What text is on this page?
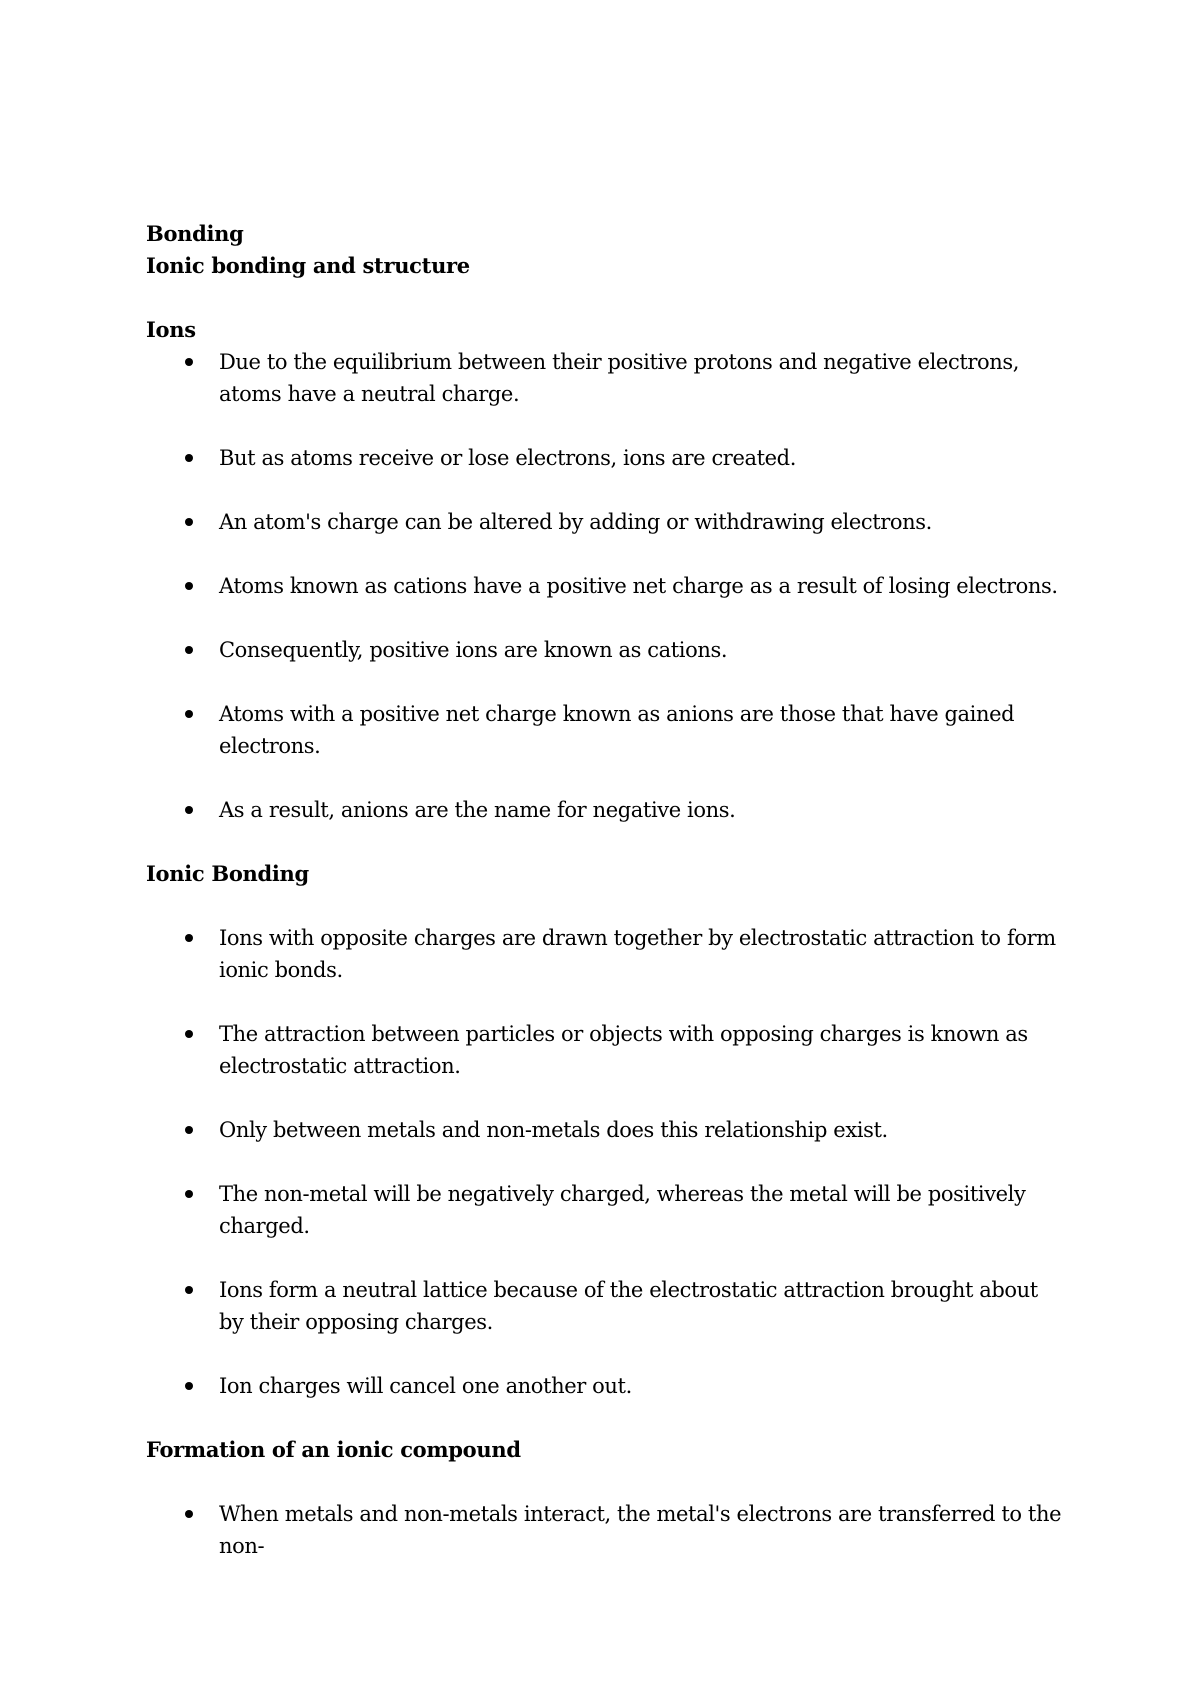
Bonding

Ionic bonding and structure

Ions

Due to the equilibrium between their positive protons and negative electrons, atoms have a neutral charge.
But as atoms receive or lose electrons, ions are created.
An atom's charge can be altered by adding or withdrawing electrons.
Atoms known as cations have a positive net charge as a result of losing electrons.
Consequently, positive ions are known as cations.
Atoms with a positive net charge known as anions are those that have gained electrons.
As a result, anions are the name for negative ions.

Ionic Bonding

Ions with opposite charges are drawn together by electrostatic attraction to form ionic bonds.
The attraction between particles or objects with opposing charges is known as electrostatic attraction.
Only between metals and non-metals does this relationship exist.
The non-metal will be negatively charged, whereas the metal will be positively charged.
Ions form a neutral lattice because of the electrostatic attraction brought about by their opposing charges.
Ion charges will cancel one another out.

Formation of an ionic compound

When metals and non-metals interact, the metal's electrons are transferred to the non-
